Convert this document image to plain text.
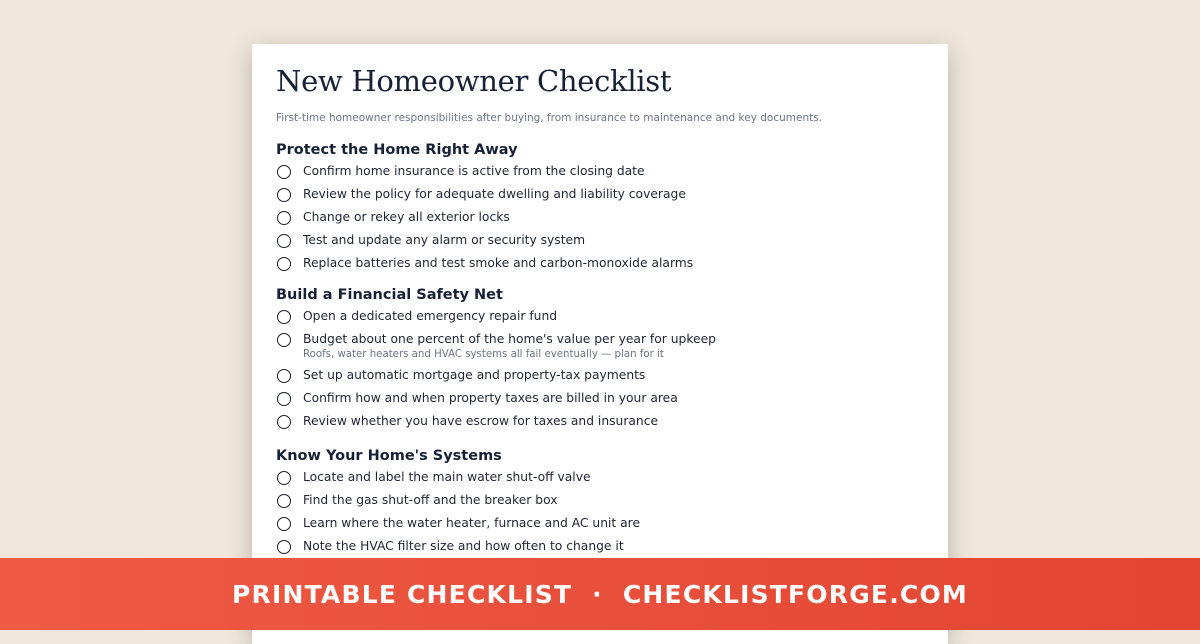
New Homeowner Checklist

First-time homeowner responsibilities after buying, from insurance to maintenance and key documents.

Protect the Home Right Away
Confirm home insurance is active from the closing date
Review the policy for adequate dwelling and liability coverage
Change or rekey all exterior locks
Test and update any alarm or security system
Replace batteries and test smoke and carbon-monoxide alarms
Build a Financial Safety Net
Open a dedicated emergency repair fund
Budget about one percent of the home's value per year for upkeep
Roofs, water heaters and HVAC systems all fail eventually — plan for it
Set up automatic mortgage and property-tax payments
Confirm how and when property taxes are billed in your area
Review whether you have escrow for taxes and insurance
Know Your Home's Systems
Locate and label the main water shut-off valve
Find the gas shut-off and the breaker box
Learn where the water heater, furnace and AC unit are
Note the HVAC filter size and how often to change it
PRINTABLE CHECKLIST · CHECKLISTFORGE.COM
